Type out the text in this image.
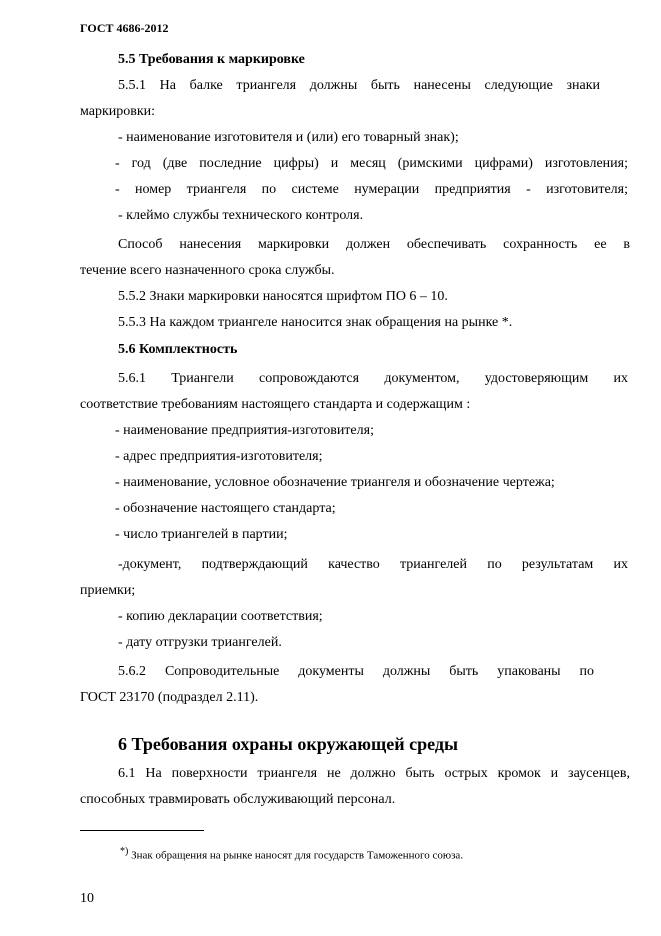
ГОСТ 4686-2012
5.5 Требования к маркировке
5.5.1 На балке триангеля должны быть нанесены следующие знаки
маркировки:
- наименование изготовителя и (или) его товарный знак);
- год (две последние цифры) и месяц (римскими цифрами) изготовления;
- номер триангеля по системе нумерации предприятия - изготовителя;
- клеймо службы технического контроля.
Способ нанесения маркировки должен обеспечивать сохранность ее в
течение всего назначенного срока службы.
5.5.2 Знаки маркировки наносятся шрифтом ПО 6 – 10.
5.5.3 На каждом триангеле наносится знак обращения на рынке *.
5.6 Комплектность
5.6.1 Триангели сопровождаются документом, удостоверяющим их
соответствие требованиям настоящего стандарта и содержащим :
- наименование предприятия-изготовителя;
- адрес предприятия-изготовителя;
- наименование, условное обозначение триангеля и обозначение чертежа;
- обозначение настоящего стандарта;
- число триангелей в партии;
-документ, подтверждающий качество триангелей по результатам их
приемки;
- копию декларации соответствия;
- дату отгрузки триангелей.
5.6.2 Сопроводительные документы должны быть упакованы по
ГОСТ 23170 (подраздел 2.11).
6 Требования охраны окружающей среды
6.1 На поверхности триангеля не должно быть острых кромок и заусенцев,
способных травмировать обслуживающий персонал.
*) Знак обращения на рынке наносят для государств Таможенного союза.
10
